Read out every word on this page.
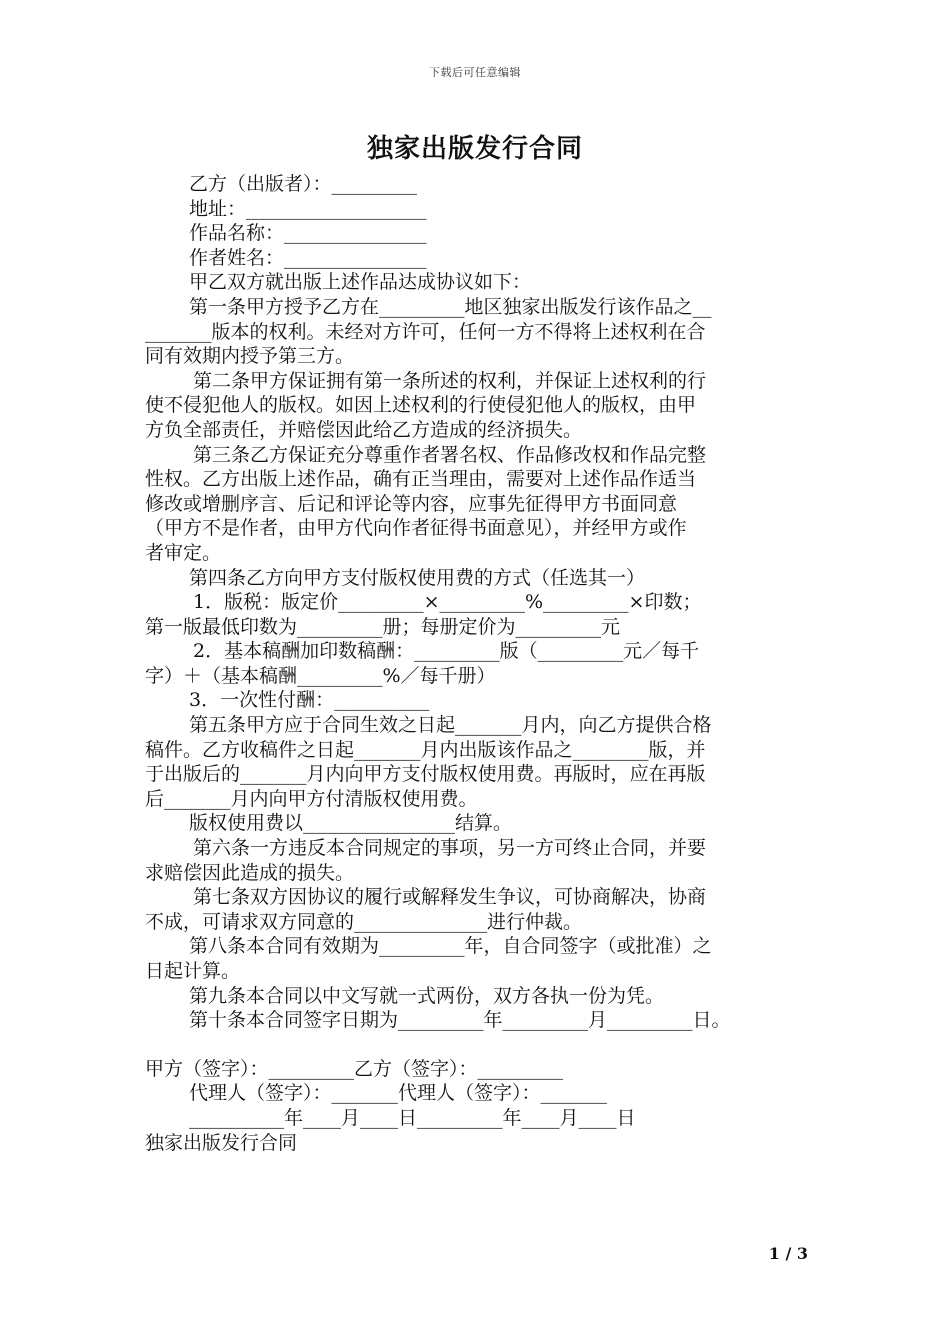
下载后可任意编辑
独家出版发行合同
乙方（出版者）：_________
地址：___________________
作品名称：_______________
作者姓名：_______________
甲乙双方就出版上述作品达成协议如下：
第一条甲方授予乙方在_________地区独家出版发行该作品之__
_______版本的权利。未经对方许可，任何一方不得将上述权利在合
同有效期内授予第三方。
第二条甲方保证拥有第一条所述的权利，并保证上述权利的行
使不侵犯他人的版权。如因上述权利的行使侵犯他人的版权，由甲
方负全部责任，并赔偿因此给乙方造成的经济损失。
第三条乙方保证充分尊重作者署名权、作品修改权和作品完整
性权。乙方出版上述作品，确有正当理由，需要对上述作品作适当
修改或增删序言、后记和评论等内容，应事先征得甲方书面同意
（甲方不是作者，由甲方代向作者征得书面意见），并经甲方或作
者审定。
第四条乙方向甲方支付版权使用费的方式（任选其一）
1．版税：版定价_________×_________%_________×印数；
第一版最低印数为_________册；每册定价为_________元
2．基本稿酬加印数稿酬：_________版（_________元／每千
字）＋（基本稿酬_________%／每千册）
3．一次性付酬：__________
第五条甲方应于合同生效之日起_______月内，向乙方提供合格
稿件。乙方收稿件之日起_______月内出版该作品之________版，并
于出版后的_______月内向甲方支付版权使用费。再版时，应在再版
后_______月内向甲方付清版权使用费。
版权使用费以________________结算。
第六条一方违反本合同规定的事项，另一方可终止合同，并要
求赔偿因此造成的损失。
第七条双方因协议的履行或解释发生争议，可协商解决，协商
不成，可请求双方同意的______________进行仲裁。
第八条本合同有效期为_________年，自合同签字（或批准）之
日起计算。
第九条本合同以中文写就一式两份，双方各执一份为凭。
第十条本合同签字日期为_________年_________月_________日。
甲方（签字）：_________乙方（签字）：_________
代理人（签字）：_______代理人（签字）：_______
__________年____月____日_________年____月____日
独家出版发行合同
1 / 3
